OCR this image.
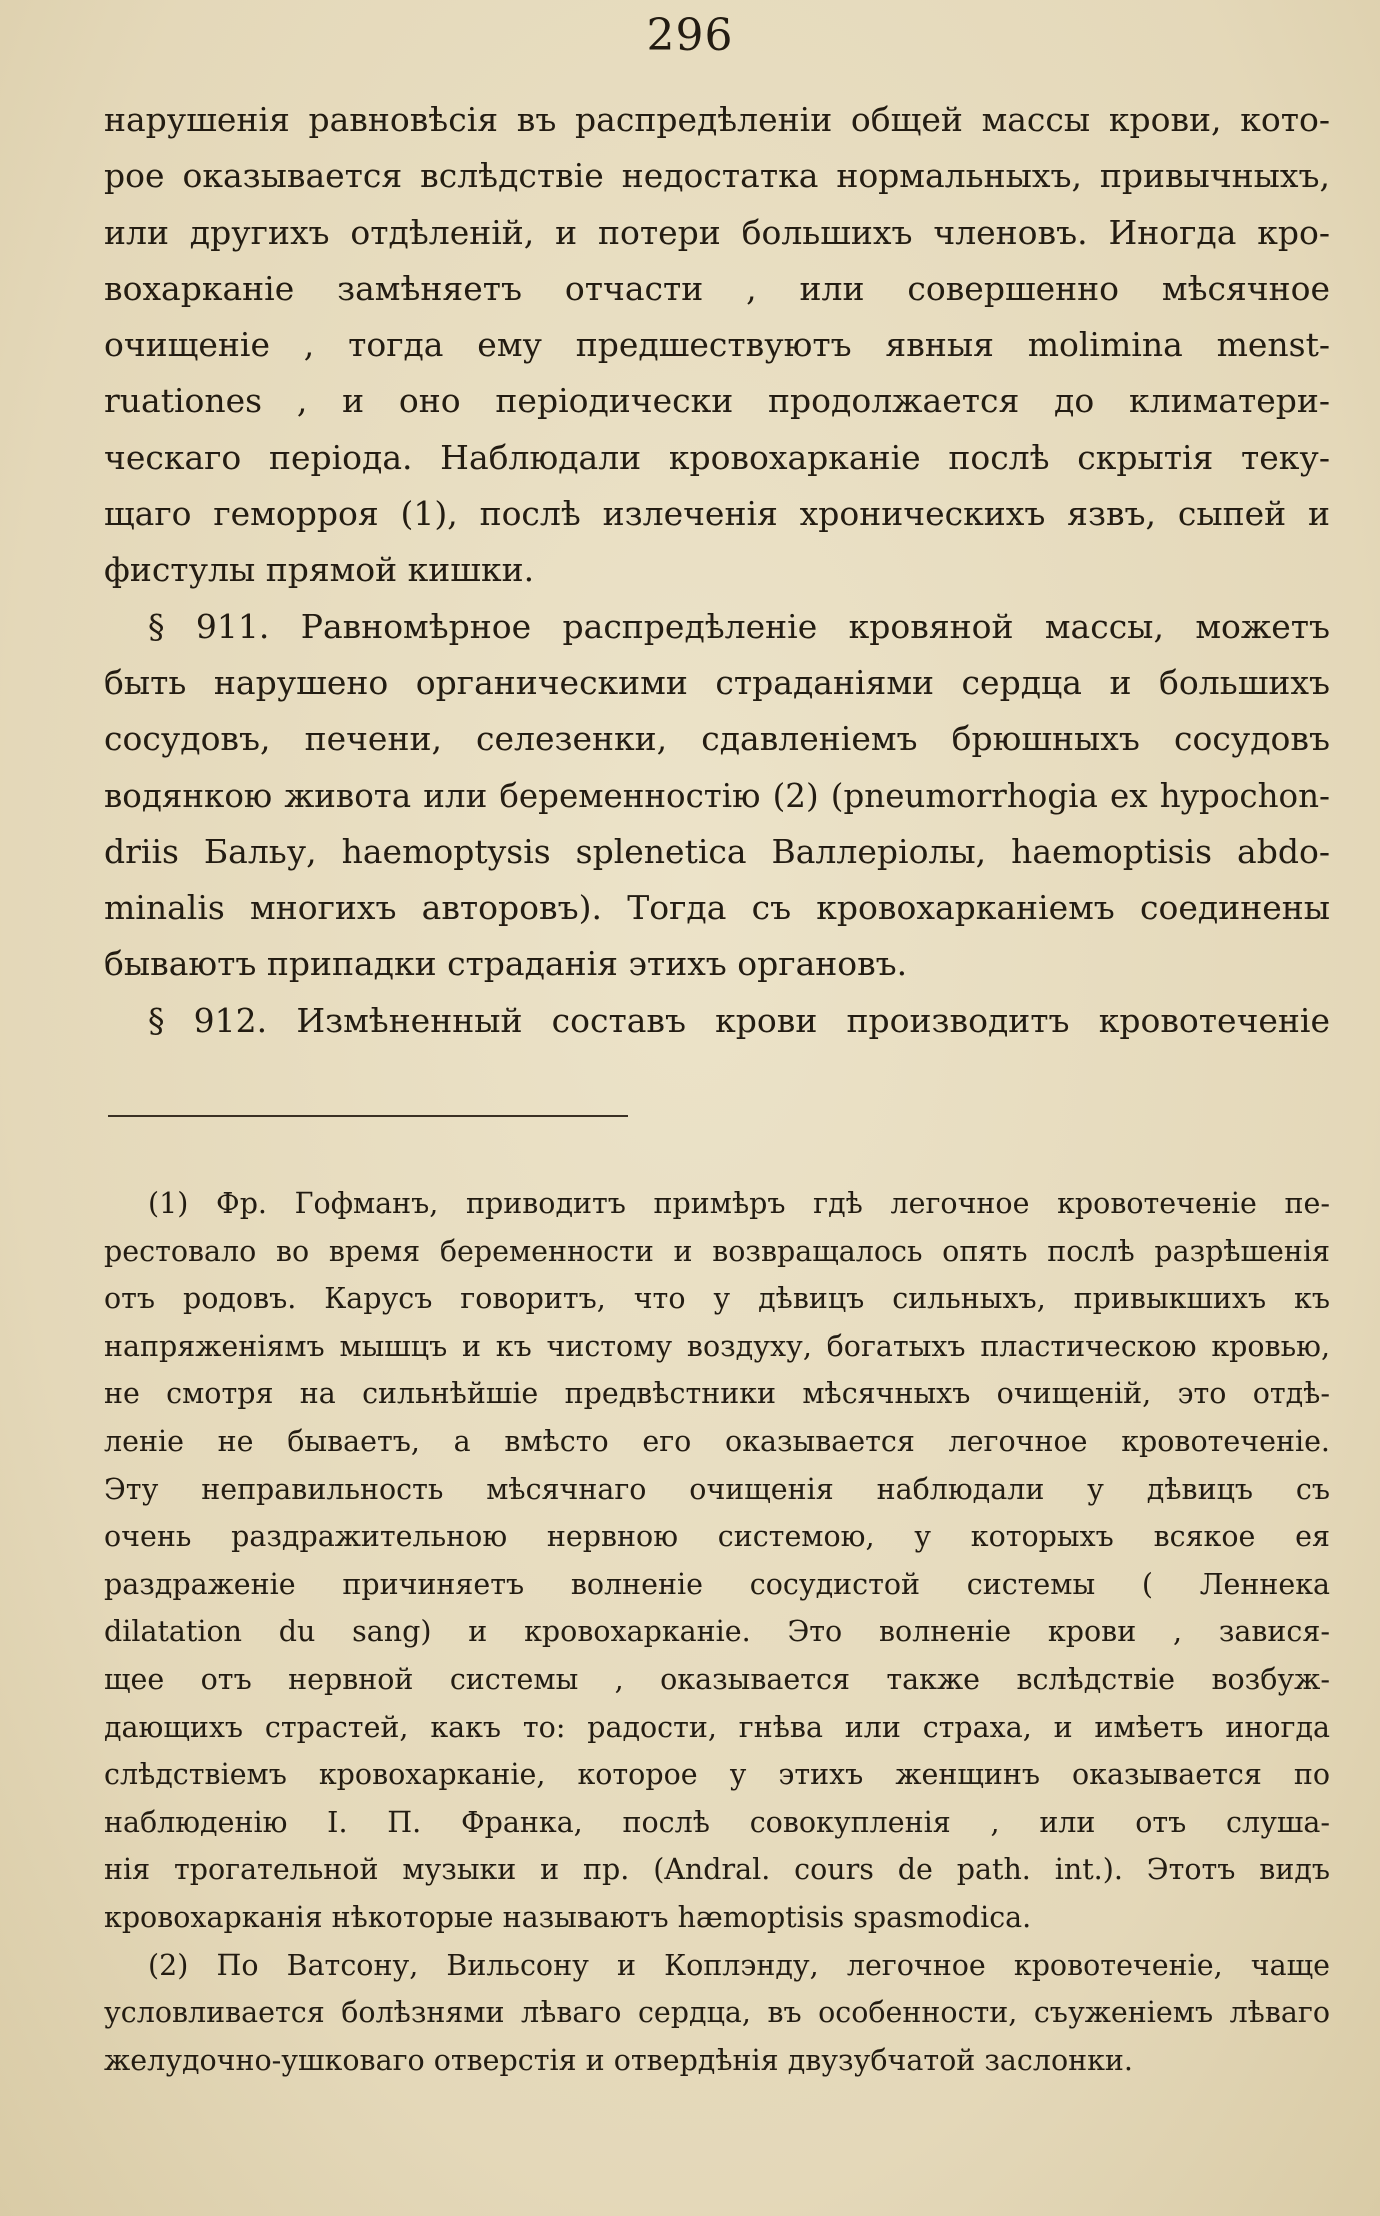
296
нарушенія равновѣсія въ распредѣленіи общей массы крови, кото-
рое оказывается вслѣдствіе недостатка нормальныхъ, привычныхъ,
или другихъ отдѣленій, и потери большихъ членовъ. Иногда кро-
вохарканіе замѣняетъ отчасти , или совершенно мѣсячное
очищеніе , тогда ему предшествуютъ явныя molimina menst-
ruationes , и оно періодически продолжается до климатери-
ческаго періода. Наблюдали кровохарканіе послѣ скрытія теку-
щаго геморроя (1), послѣ излеченія хроническихъ язвъ, сыпей и
фистулы прямой кишки.
§ 911. Равномѣрное распредѣленіе кровяной массы, можетъ
быть нарушено органическими страданіями сердца и большихъ
сосудовъ, печени, селезенки, сдавленіемъ брюшныхъ сосудовъ
водянкою живота или беременностію (2) (pneumorrhogia ex hypochon-
driis Бальу, haemoptysis splenetica Валлеріолы, haemoptisis abdo-
minalis многихъ авторовъ). Тогда съ кровохарканіемъ соединены
бываютъ припадки страданія этихъ органовъ.
§ 912. Измѣненный составъ крови производитъ кровотеченіе
(1) Фр. Гофманъ, приводитъ примѣръ гдѣ легочное кровотеченіе пе-
рестовало во время беременности и возвращалось опять послѣ разрѣшенія
отъ родовъ. Карусъ говоритъ, что у дѣвицъ сильныхъ, привыкшихъ къ
напряженіямъ мышцъ и къ чистому воздуху, богатыхъ пластическою кровью,
не смотря на сильнѣйшіе предвѣстники мѣсячныхъ очищеній, это отдѣ-
леніе не бываетъ, а вмѣсто его оказывается легочное кровотеченіе.
Эту неправильность мѣсячнаго очищенія наблюдали у дѣвицъ съ
очень раздражительною нервною системою, у которыхъ всякое ея
раздраженіе причиняетъ волненіе сосудистой системы ( Леннека
dilatation du sang) и кровохарканіе. Это волненіе крови , завися-
щее отъ нервной системы , оказывается также вслѣдствіе возбуж-
дающихъ страстей, какъ то: радости, гнѣва или страха, и имѣетъ иногда
слѣдствіемъ кровохарканіе, которое у этихъ женщинъ оказывается по
наблюденію І. П. Франка, послѣ совокупленія , или отъ слуша-
нія трогательной музыки и пр. (Andral. cours de path. int.). Этотъ видъ
кровохарканія нѣкоторые называютъ hæmoptisis spasmodica.
(2) По Ватсону, Вильсону и Коплэнду, легочное кровотеченіе, чаще
условливается болѣзнями лѣваго сердца, въ особенности, съуженіемъ лѣваго
желудочно-ушковаго отверстія и отвердѣнія двузубчатой заслонки.
